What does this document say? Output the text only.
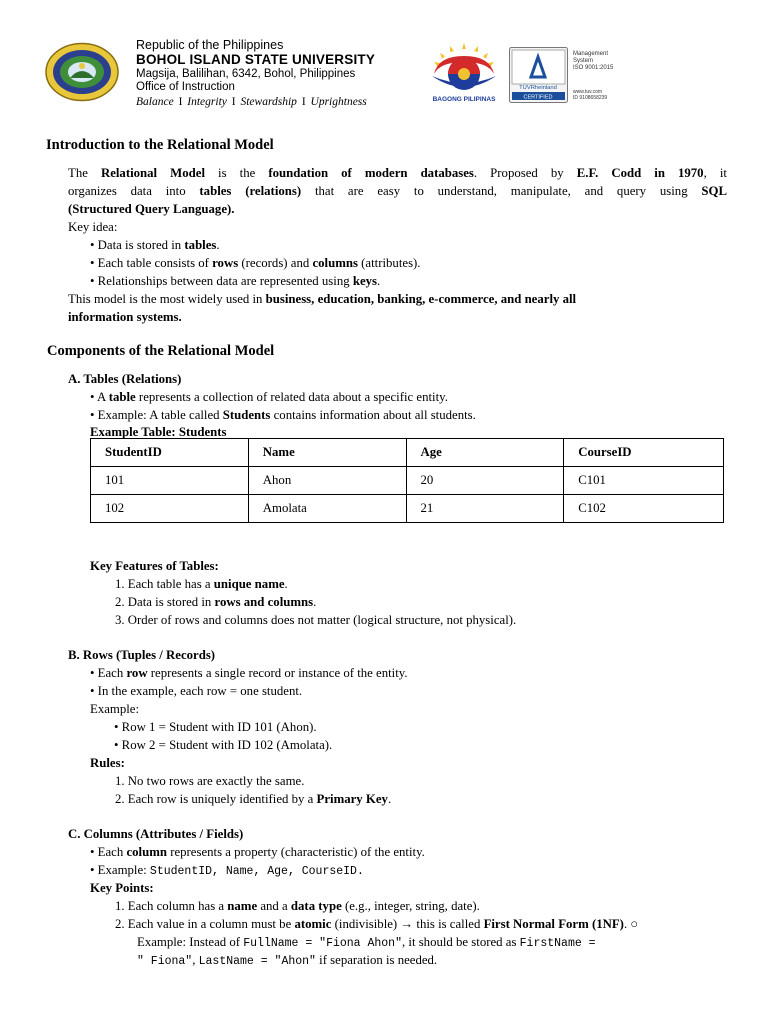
Republic of the Philippines
BOHOL ISLAND STATE UNIVERSITY
Magsija, Balilihan, 6342, Bohol, Philippines
Office of Instruction
Balance I Integrity I Stewardship I Uprightness	BAGONG PILIPINAS
TÜVRheinland
CERTIFIED
Management
System
ISO 9001:2015
www.tuv.com
ID 9108658239
Introduction to the Relational Model
The Relational Model is the foundation of modern databases. Proposed by E.F. Codd in 1970, it
organizes data into tables (relations) that are easy to understand, manipulate, and query using SQL
(Structured Query Language).
Key idea:
• Data is stored in tables.
• Each table consists of rows (records) and columns (attributes).
• Relationships between data are represented using keys.
This model is the most widely used in business, education, banking, e-commerce, and nearly all
information systems.
Components of the Relational Model
A. Tables (Relations)
• A table represents a collection of related data about a specific entity.
• Example: A table called Students contains information about all students.
Example Table: Students
StudentID	Name	Age	CourseID
101	Ahon	20	C101
102	Amolata	21	C102
Key Features of Tables:
1. Each table has a unique name.
2. Data is stored in rows and columns.
3. Order of rows and columns does not matter (logical structure, not physical).
B. Rows (Tuples / Records)
• Each row represents a single record or instance of the entity.
• In the example, each row = one student.
Example:
• Row 1 = Student with ID 101 (Ahon).
• Row 2 = Student with ID 102 (Amolata).
Rules:
1. No two rows are exactly the same.
2. Each row is uniquely identified by a Primary Key.
C. Columns (Attributes / Fields)
• Each column represents a property (characteristic) of the entity.
• Example: StudentID, Name, Age, CourseID.
Key Points:
1. Each column has a name and a data type (e.g., integer, string, date).
2. Each value in a column must be atomic (indivisible) → this is called First Normal Form (1NF). ○
Example: Instead of FullName = "Fiona Ahon", it should be stored as FirstName =
" Fiona", LastName = "Ahon" if separation is needed.
